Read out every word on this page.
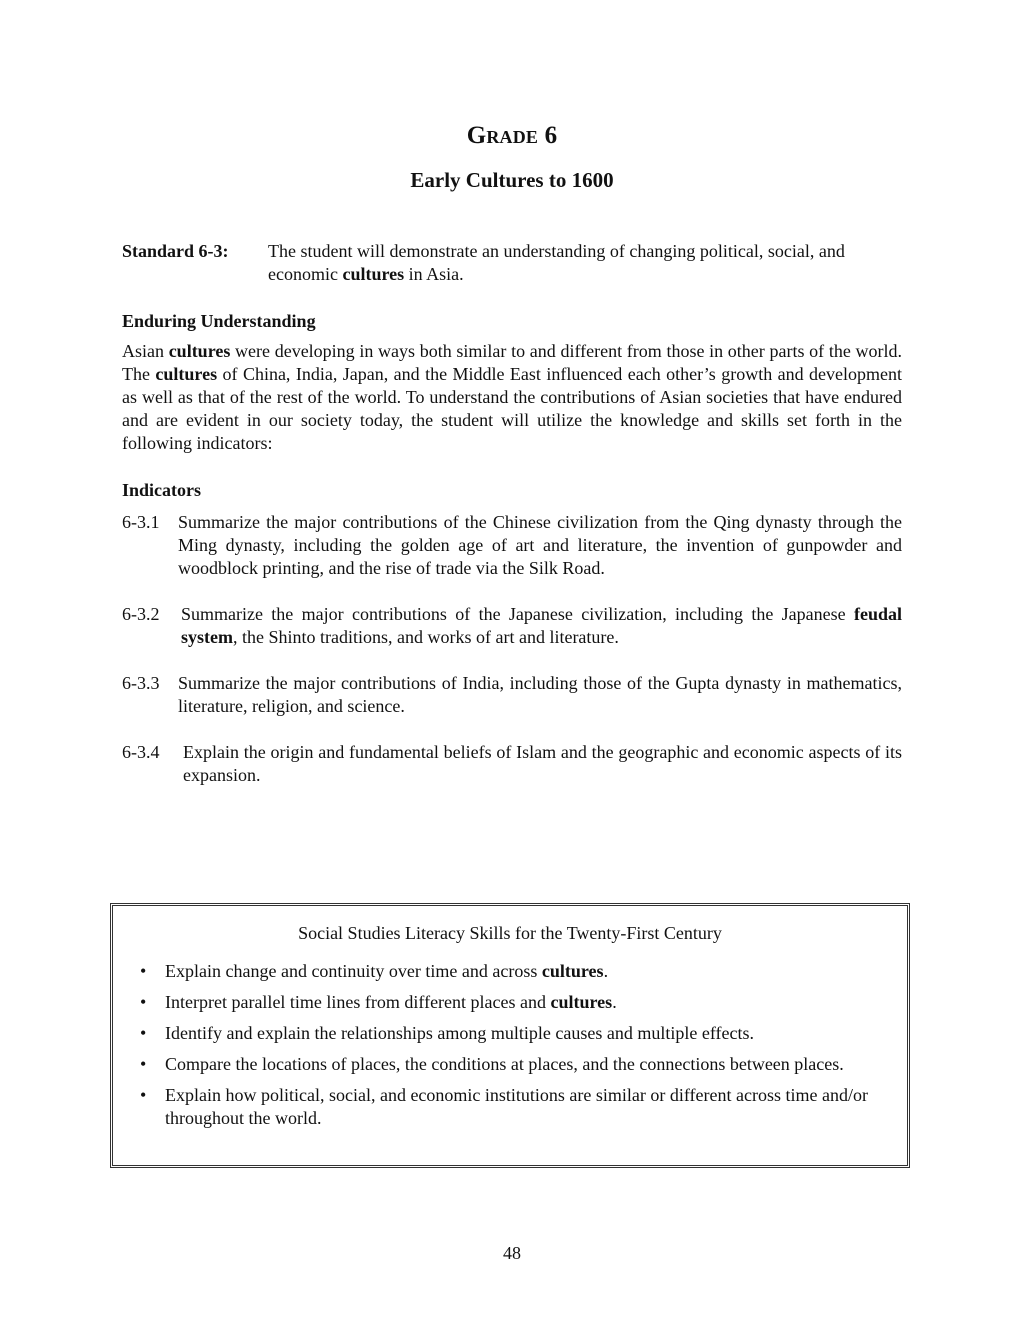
Grade 6
Early Cultures to 1600
Standard 6-3: The student will demonstrate an understanding of changing political, social, and economic cultures in Asia.
Enduring Understanding
Asian cultures were developing in ways both similar to and different from those in other parts of the world. The cultures of China, India, Japan, and the Middle East influenced each other’s growth and development as well as that of the rest of the world. To understand the contributions of Asian societies that have endured and are evident in our society today, the student will utilize the knowledge and skills set forth in the following indicators:
Indicators
6-3.1	Summarize the major contributions of the Chinese civilization from the Qing dynasty through the Ming dynasty, including the golden age of art and literature, the invention of gunpowder and woodblock printing, and the rise of trade via the Silk Road.
6-3.2	Summarize the major contributions of the Japanese civilization, including the Japanese feudal system, the Shinto traditions, and works of art and literature.
6-3.3	Summarize the major contributions of India, including those of the Gupta dynasty in mathematics, literature, religion, and science.
6-3.4	Explain the origin and fundamental beliefs of Islam and the geographic and economic aspects of its expansion.
Social Studies Literacy Skills for the Twenty-First Century
•	Explain change and continuity over time and across cultures.
•	Interpret parallel time lines from different places and cultures.
•	Identify and explain the relationships among multiple causes and multiple effects.
•	Compare the locations of places, the conditions at places, and the connections between places.
•	Explain how political, social, and economic institutions are similar or different across time and/or throughout the world.
48
